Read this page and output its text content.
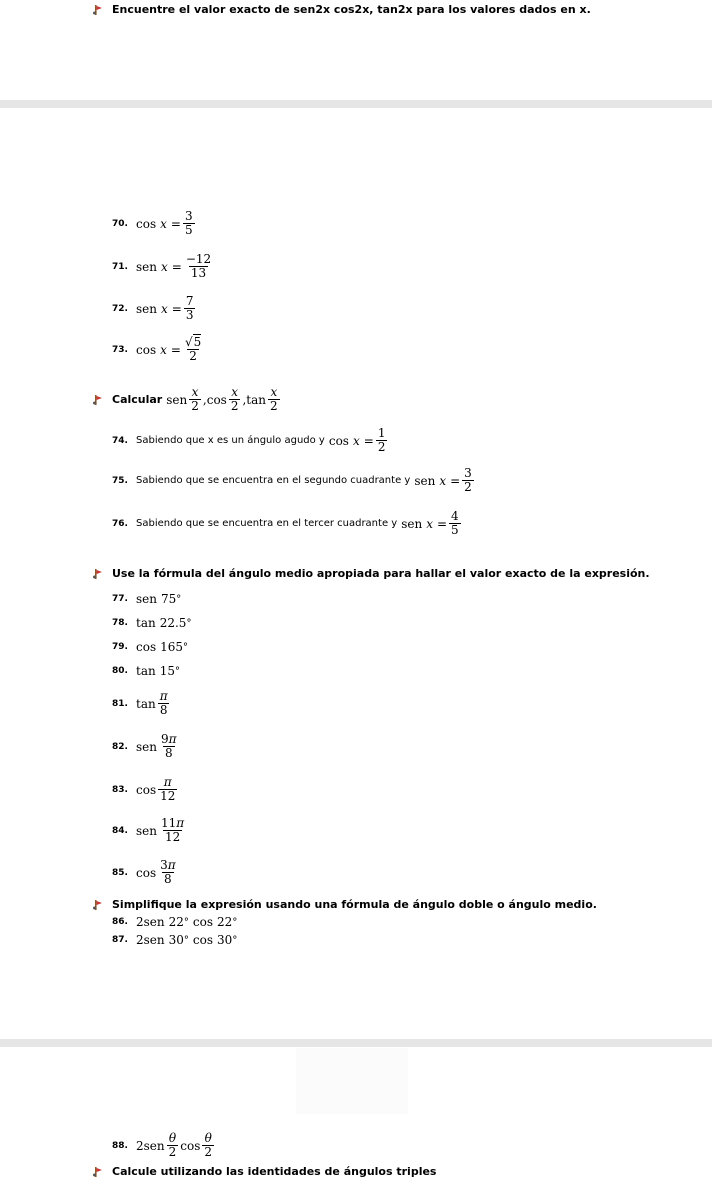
Encuentre el valor exacto de sen2x cos2x, tan2x para los valores dados en x.
70. $\cos x = \frac{3}{5}$
71. sen $x = \frac{-12}{13}$
72. sen $x = \frac{7}{3}$
73. $\cos x = \frac{√5}{2}$
Calcular sen $\frac{x}{2}$ , $\cos \frac{x}{2}$ , $\tan \frac{x}{2}$
74. Sabiendo que x es un ángulo agudo y $\cos x = \frac{1}{2}$
75. Sabiendo que se encuentra en el segundo cuadrante y sen $x = \frac{3}{2}$
76. Sabiendo que se encuentra en el tercer cuadrante y sen $x = \frac{4}{5}$
Use la fórmula del ángulo medio apropiada para hallar el valor exacto de la expresión.
77. sen 75 °
78. tan 22.5 °
79. cos 165 °
80. tan 15 °
81. $\tan \frac{\pi}{8}$
82. sen $\frac{9\pi}{8}$
83. $\cos \frac{\pi}{12}$
84. sen $\frac{11\pi}{12}$
85. $\cos \frac{3\pi}{8}$
Simplifique la expresión usando una fórmula de ángulo doble o ángulo medio.
86. 2 sen 22 ° cos 22 °
87. 2 sen 30 ° cos 30 °
88. 2 sen $\frac{\theta}{2}$ $\cos \frac{\theta}{2}$
Calcule utilizando las identidades de ángulos triples
